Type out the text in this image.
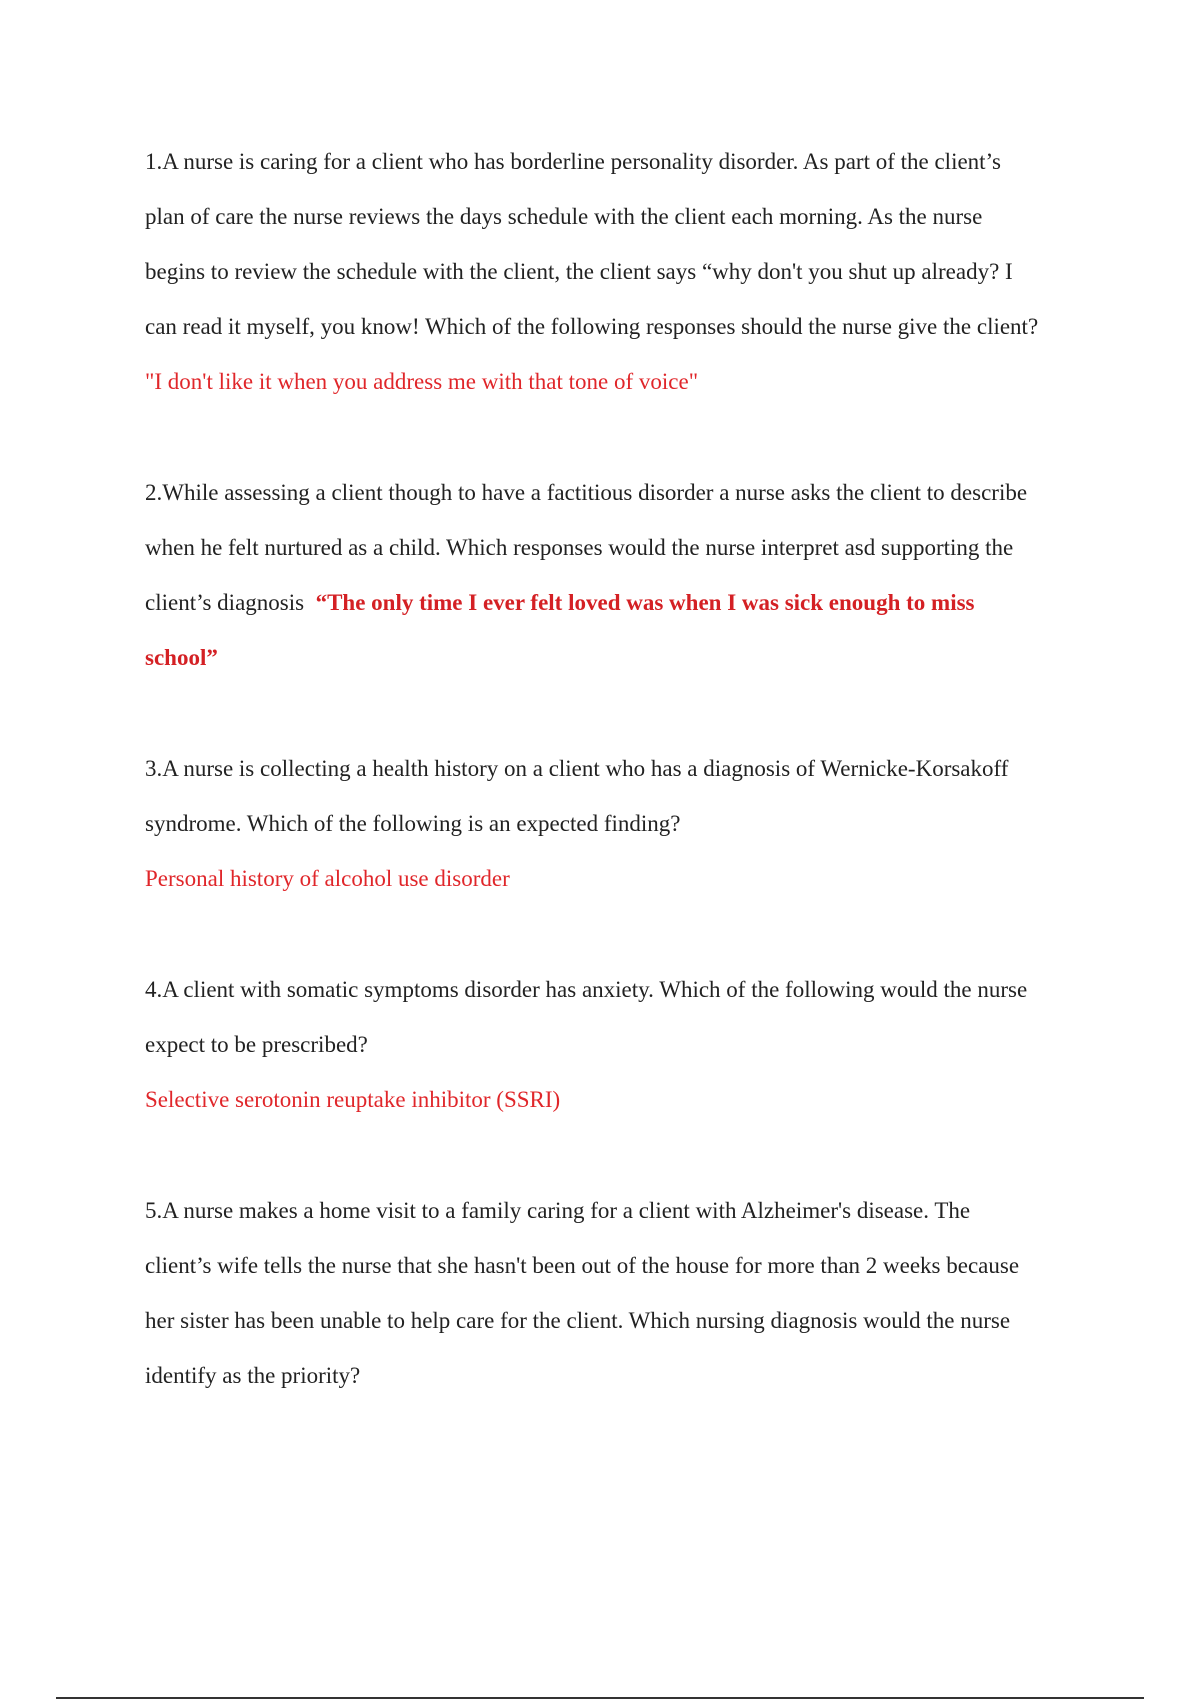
1.A nurse is caring for a client who has borderline personality disorder. As part of the client’s

plan of care the nurse reviews the days schedule with the client each morning. As the nurse

begins to review the schedule with the client, the client says “why don't you shut up already? I

can read it myself, you know! Which of the following responses should the nurse give the client?

"I don't like it when you address me with that tone of voice"

2.While assessing a client though to have a factitious disorder a nurse asks the client to describe

when he felt nurtured as a child. Which responses would the nurse interpret asd supporting the

client’s diagnosis “The only time I ever felt loved was when I was sick enough to miss

school”

3.A nurse is collecting a health history on a client who has a diagnosis of Wernicke-Korsakoff

syndrome. Which of the following is an expected finding?

Personal history of alcohol use disorder

4.A client with somatic symptoms disorder has anxiety. Which of the following would the nurse

expect to be prescribed?

Selective serotonin reuptake inhibitor (SSRI)

5.A nurse makes a home visit to a family caring for a client with Alzheimer's disease. The

client’s wife tells the nurse that she hasn't been out of the house for more than 2 weeks because

her sister has been unable to help care for the client. Which nursing diagnosis would the nurse

identify as the priority?
